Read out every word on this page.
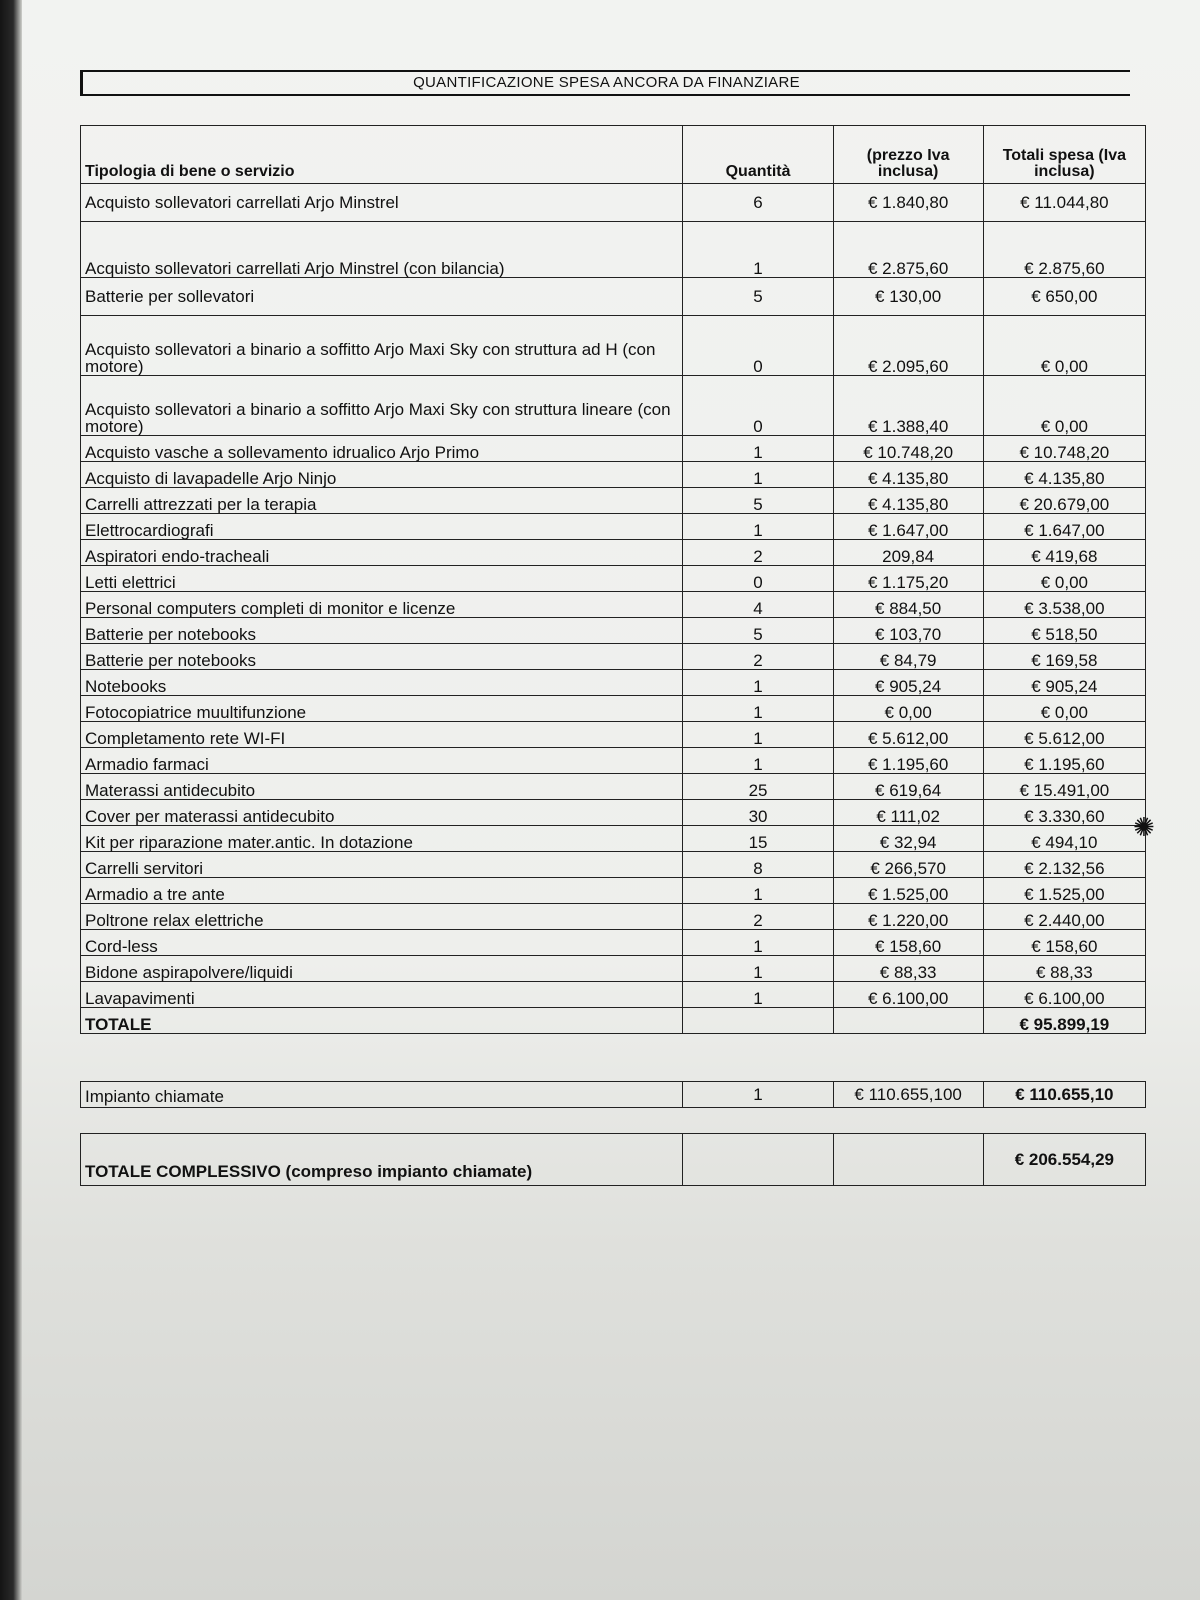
QUANTIFICAZIONE SPESA ANCORA DA FINANZIARE
Tipologia di bene o servizio	Quantità	(prezzo Iva inclusa)	Totali spesa (Iva inclusa)
Acquisto sollevatori carrellati Arjo Minstrel	6	€ 1.840,80	€ 11.044,80
Acquisto sollevatori carrellati Arjo Minstrel (con bilancia)	1	€ 2.875,60	€ 2.875,60
Batterie per sollevatori	5	€ 130,00	€ 650,00
Acquisto sollevatori a binario a soffitto Arjo Maxi Sky con struttura ad H (con motore)	0	€ 2.095,60	€ 0,00
Acquisto sollevatori a binario a soffitto Arjo Maxi Sky con struttura lineare (con motore)	0	€ 1.388,40	€ 0,00
Acquisto vasche a sollevamento idrualico Arjo Primo	1	€ 10.748,20	€ 10.748,20
Acquisto di lavapadelle Arjo Ninjo	1	€ 4.135,80	€ 4.135,80
Carrelli attrezzati per la terapia	5	€ 4.135,80	€ 20.679,00
Elettrocardiografi	1	€ 1.647,00	€ 1.647,00
Aspiratori endo-tracheali	2	209,84	€ 419,68
Letti elettrici	0	€ 1.175,20	€ 0,00
Personal computers completi di monitor e licenze	4	€ 884,50	€ 3.538,00
Batterie per notebooks	5	€ 103,70	€ 518,50
Batterie per notebooks	2	€ 84,79	€ 169,58
Notebooks	1	€ 905,24	€ 905,24
Fotocopiatrice muultifunzione	1	€ 0,00	€ 0,00
Completamento rete WI-FI	1	€ 5.612,00	€ 5.612,00
Armadio farmaci	1	€ 1.195,60	€ 1.195,60
Materassi antidecubito	25	€ 619,64	€ 15.491,00
Cover per materassi antidecubito	30	€ 111,02	€ 3.330,60
Kit per riparazione mater.antic. In dotazione	15	€ 32,94	€ 494,10
Carrelli servitori	8	€ 266,570	€ 2.132,56
Armadio a tre ante	1	€ 1.525,00	€ 1.525,00
Poltrone relax elettriche	2	€ 1.220,00	€ 2.440,00
Cord-less	1	€ 158,60	€ 158,60
Bidone aspirapolvere/liquidi	1	€ 88,33	€ 88,33
Lavapavimenti	1	€ 6.100,00	€ 6.100,00
TOTALE			€ 95.899,19
Impianto chiamate	1	€ 110.655,100	€ 110.655,10
TOTALE COMPLESSIVO (compreso impianto chiamate)			€ 206.554,29
✺
